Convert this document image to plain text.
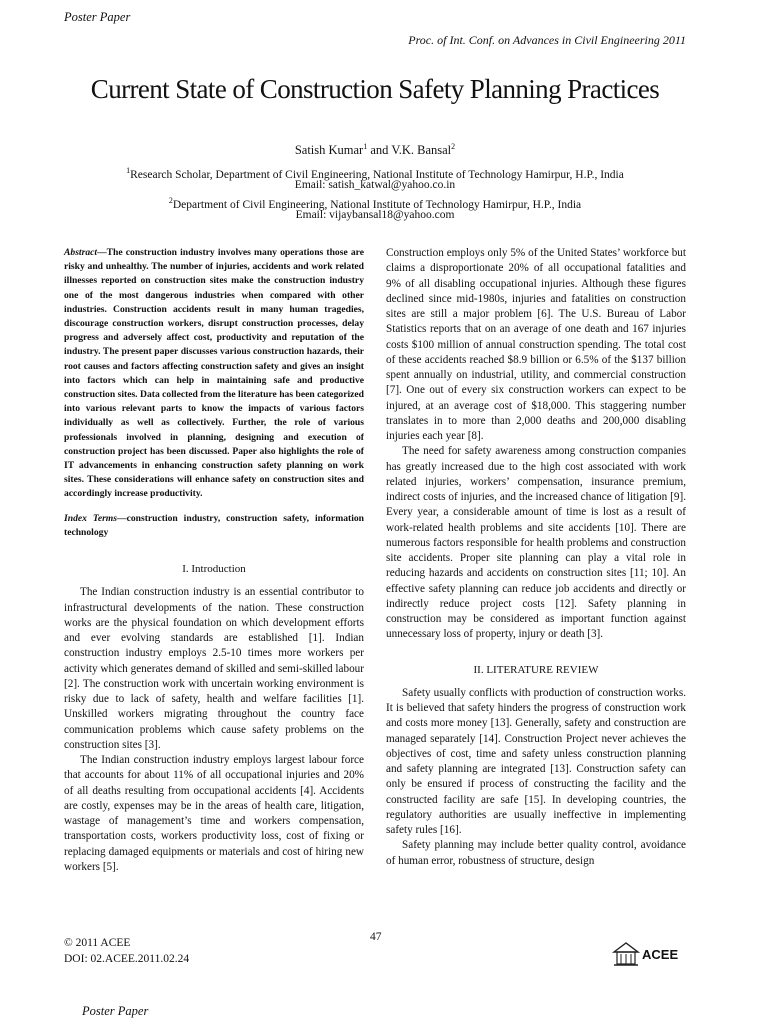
Poster Paper
Proc. of Int. Conf. on Advances in Civil Engineering 2011
Current State of Construction Safety Planning Practices
Satish Kumar$^1$ and V.K. Bansal$^2$
$^1$Research Scholar, Department of Civil Engineering, National Institute of Technology Hamirpur, H.P., India
Email: satish_katwal@yahoo.co.in
$^2$Department of Civil Engineering, National Institute of Technology Hamirpur, H.P., India
Email: vijaybansal18@yahoo.com

Abstract—The construction industry involves many operations those are risky and unhealthy. The number of injuries, accidents and work related illnesses reported on construction sites make the construction industry one of the most dangerous industries when compared with other industries. Construction accidents result in many human tragedies, discourage construction workers, disrupt construction processes, delay progress and adversely affect cost, productivity and reputation of the industry. The present paper discusses various construction hazards, their root causes and factors affecting construction safety and gives an insight into factors which can help in maintaining safe and productive construction sites. Data collected from the literature has been categorized into various relevant parts to know the impacts of various factors individually as well as collectively. Further, the role of various professionals involved in planning, designing and execution of construction project has been discussed. Paper also highlights the role of IT advancements in enhancing construction safety planning on work sites. These considerations will enhance safety on construction sites and accordingly increase productivity.

Index Terms—construction industry, construction safety, information technology

I. Introduction

The Indian construction industry is an essential contributor to infrastructural developments of the nation. These construction works are the physical foundation on which development efforts and ever evolving standards are established [1]. Indian construction industry employs 2.5-10 times more workers per activity which generates demand of skilled and semi-skilled labour [2]. The construction work with uncertain working environment is risky due to lack of safety, health and welfare facilities [1]. Unskilled workers migrating throughout the country face communication problems which cause safety problems on the construction sites [3].

The Indian construction industry employs largest labour force that accounts for about 11% of all occupational injuries and 20% of all deaths resulting from occupational accidents [4]. Accidents are costly, expenses may be in the areas of health care, litigation, wastage of management’s time and workers compensation, transportation costs, workers productivity loss, cost of fixing or replacing damaged equipments or materials and cost of hiring new workers [5].

Construction employs only 5% of the United States’ workforce but claims a disproportionate 20% of all occupational fatalities and 9% of all disabling occupational injuries. Although these figures declined since mid-1980s, injuries and fatalities on construction sites are still a major problem [6]. The U.S. Bureau of Labor Statistics reports that on an average of one death and 167 injuries costs $100 million of annual construction spending. The total cost of these accidents reached $8.9 billion or 6.5% of the $137 billion spent annually on industrial, utility, and commercial construction [7]. One out of every six construction workers can expect to be injured, at an average cost of $18,000. This staggering number translates in to more than 2,000 deaths and 200,000 disabling injuries each year [8].

The need for safety awareness among construction companies has greatly increased due to the high cost associated with work related injuries, workers’ compensation, insurance premium, indirect costs of injuries, and the increased chance of litigation [9]. Every year, a considerable amount of time is lost as a result of work-related health problems and site accidents [10]. There are numerous factors responsible for health problems and construction site accidents. Proper site planning can play a vital role in reducing hazards and accidents on construction sites [11; 10]. An effective safety planning can reduce job accidents and directly or indirectly reduce project costs [12]. Safety planning in construction may be considered as important function against unnecessary loss of property, injury or death [3].

II. LITERATURE REVIEW

Safety usually conflicts with production of construction works. It is believed that safety hinders the progress of construction work and costs more money [13]. Generally, safety and construction are managed separately [14]. Construction Project never achieves the objectives of cost, time and safety unless construction planning and safety planning are integrated [13]. Construction safety can only be ensured if process of constructing the facility and the constructed facility are safe [15]. In developing countries, the regulatory authorities are usually ineffective in implementing safety rules [16].

Safety planning may include better quality control, avoidance of human error, robustness of structure, design

47
© 2011 ACEE
DOI: 02.ACEE.2011.02.24	ACEE
Poster Paper
